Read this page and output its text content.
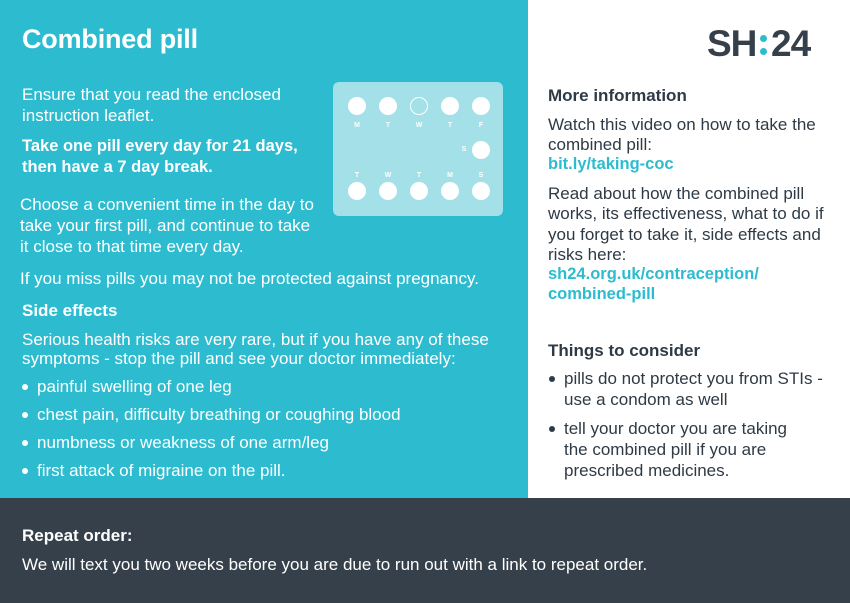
Combined pill
Ensure that you read the enclosed instruction leaflet.
Take one pill every day for 21 days,
then have a 7 day break.
Choose a convenient time in the day to
take your first pill, and continue to take
it close to that time every day.
If you miss pills you may not be protected against pregnancy.
M	T	W	T	F
S
T	W	T	M	S
Side effects
Serious health risks are very rare, but if you have any of these
symptoms - stop the pill and see your doctor immediately:
painful swelling of one leg
chest pain, difficulty breathing or coughing blood
numbness or weakness of one arm/leg
first attack of migraine on the pill.
SH 24
More information
Watch this video on how to take the
combined pill:
bit.ly/taking-coc
Read about how the combined pill
works, its effectiveness, what to do if
you forget to take it, side effects and
risks here:
sh24.org.uk/contraception/
combined-pill
Things to consider
pills do not protect you from STIs -
use a condom as well
tell your doctor you are taking
the combined pill if you are
prescribed medicines.
Repeat order:
We will text you two weeks before you are due to run out with a link to repeat order.
